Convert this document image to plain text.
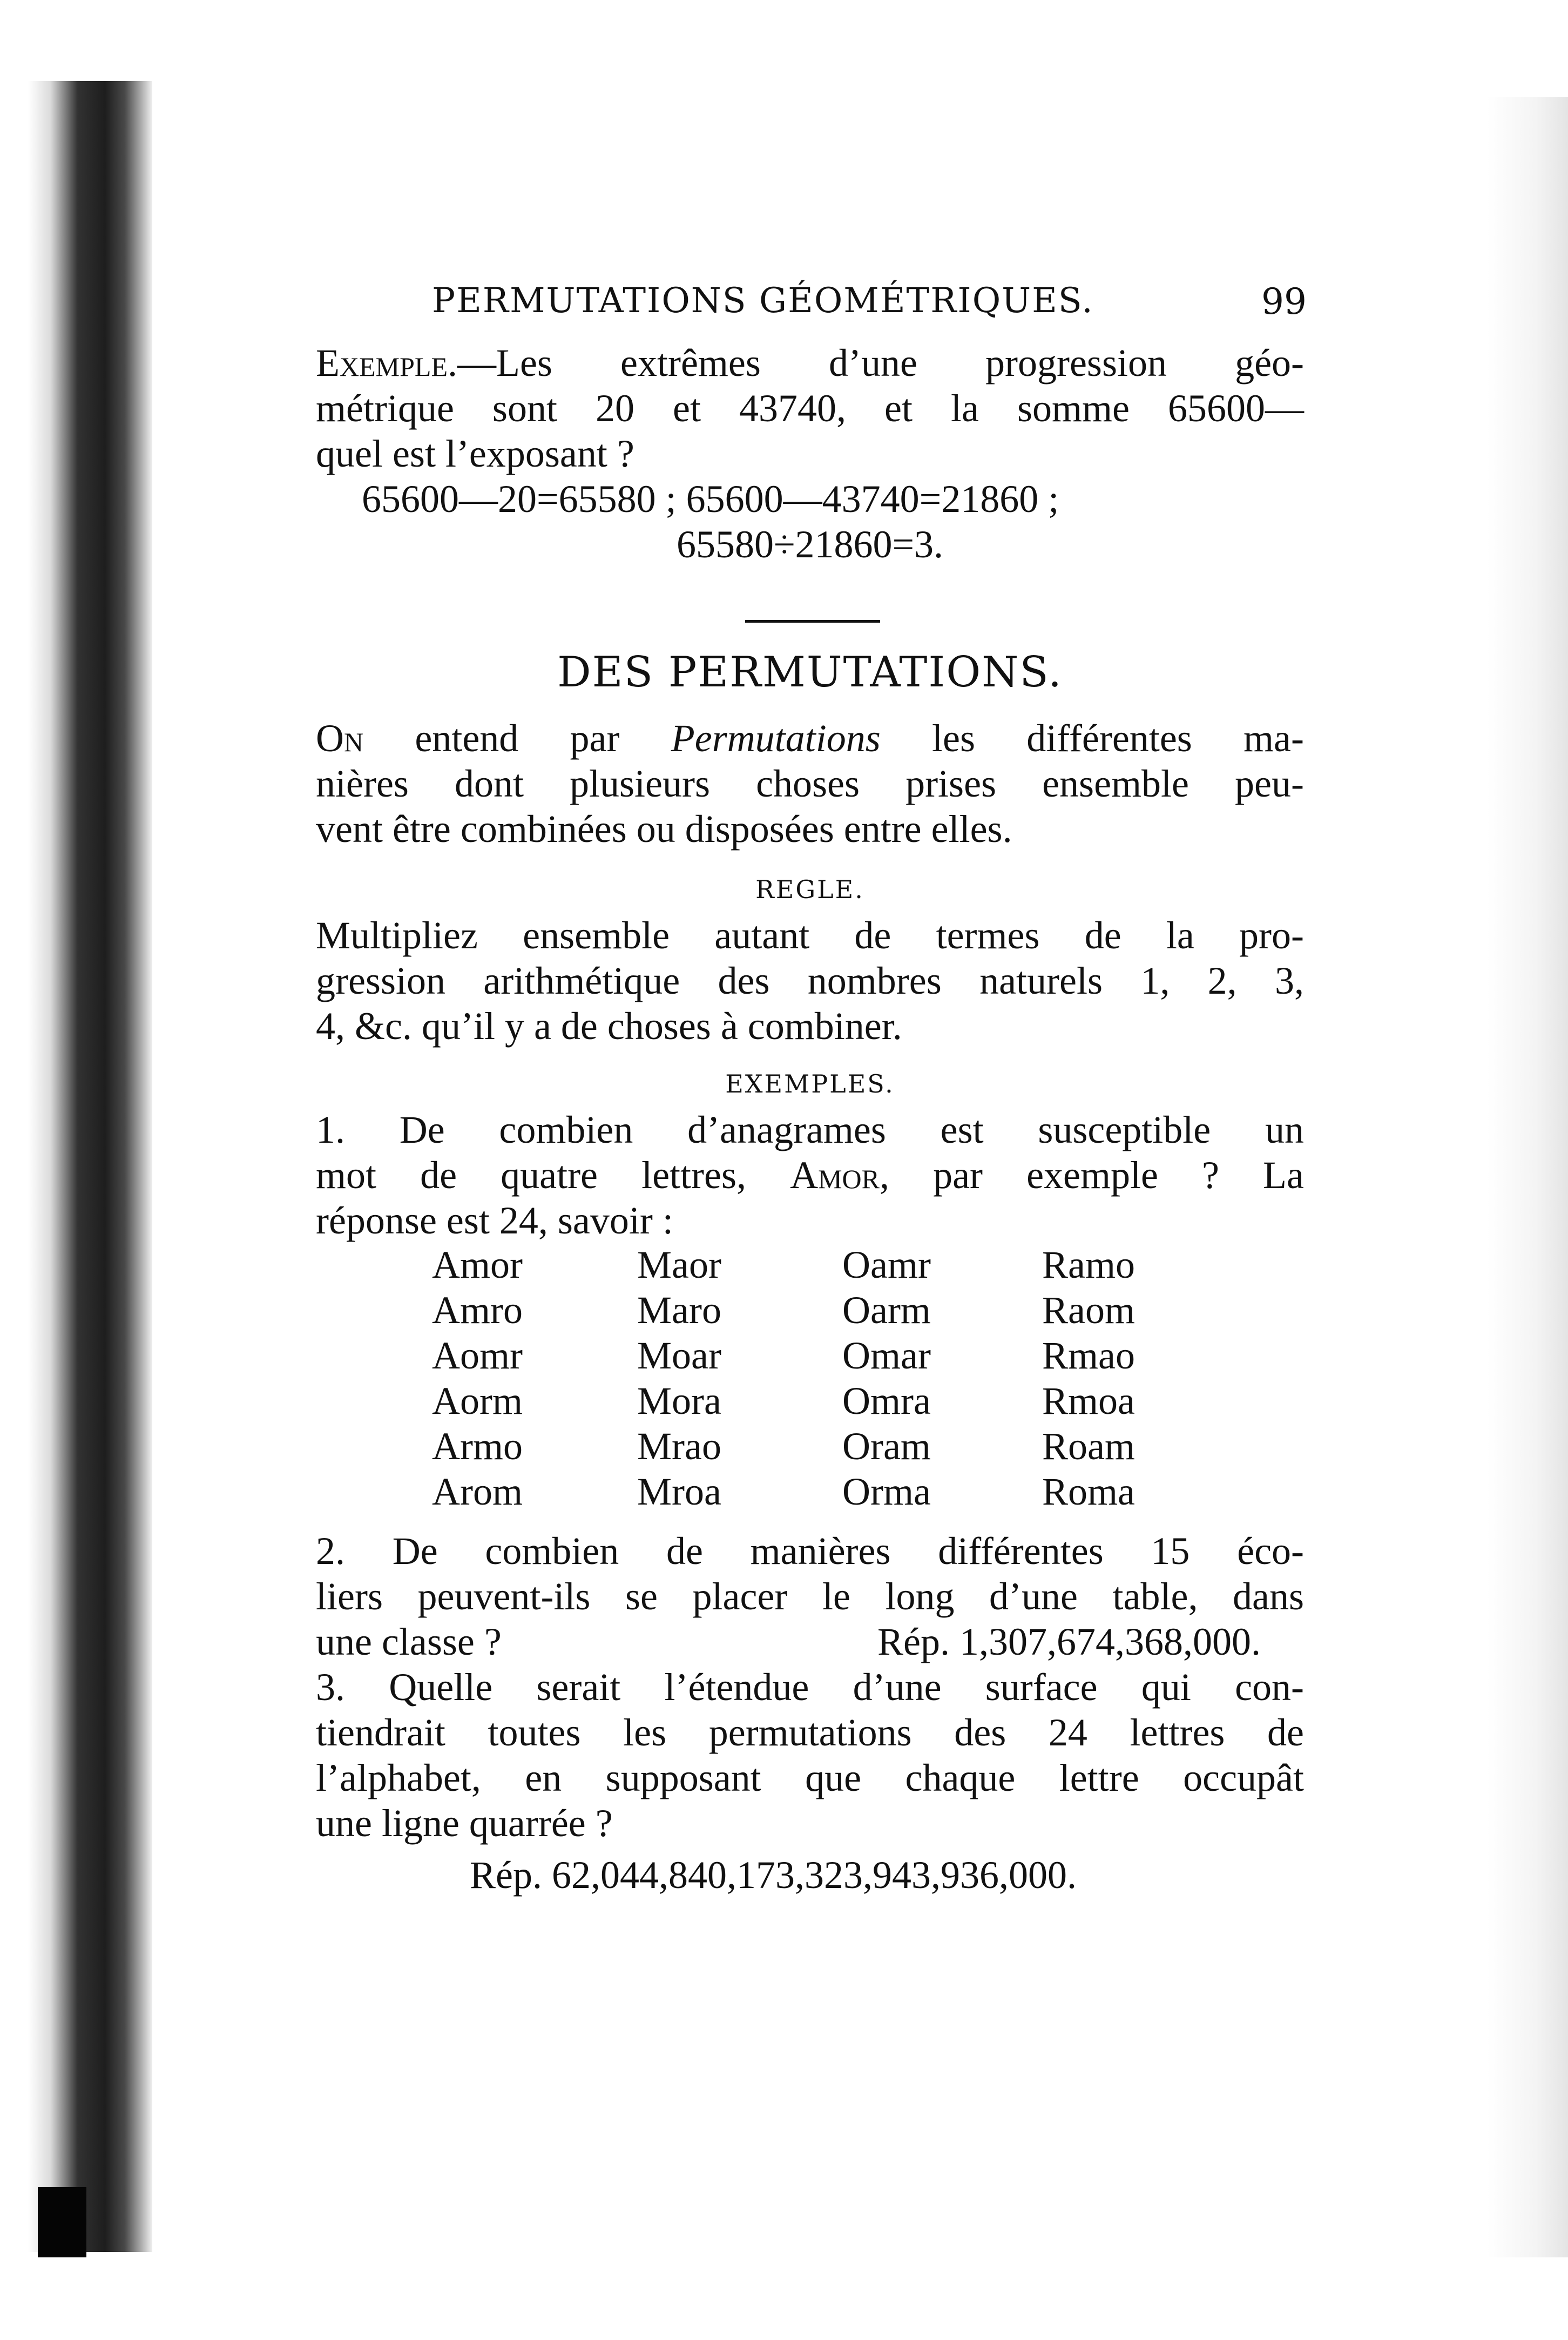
PERMUTATIONS GÉOMÉTRIQUES.	99
Exemple.—Les extrêmes d’une progression géo-
métrique sont 20 et 43740, et la somme 65600—
quel est l’exposant ?
65600—20=65580 ; 65600—43740=21860 ;
65580÷21860=3.
DES PERMUTATIONS.
On entend par Permutations les différentes ma-
nières dont plusieurs choses prises ensemble peu-
vent être combinées ou disposées entre elles.
REGLE.
Multipliez ensemble autant de termes de la pro-
gression arithmétique des nombres naturels 1, 2, 3,
4, &c. qu’il y a de choses à combiner.
EXEMPLES.
1. De combien d’anagrames est susceptible un
mot de quatre lettres, Amor, par exemple ? La
réponse est 24, savoir :
Amor
Amro
Aomr
Aorm
Armo
Arom
Maor
Maro
Moar
Mora
Mrao
Mroa
Oamr
Oarm
Omar
Omra
Oram
Orma
Ramo
Raom
Rmao
Rmoa
Roam
Roma
2. De combien de manières différentes 15 éco-
liers peuvent-ils se placer le long d’une table, dans
une classe ?	Rép. 1,307,674,368,000.
3. Quelle serait l’étendue d’une surface qui con-
tiendrait toutes les permutations des 24 lettres de
l’alphabet, en supposant que chaque lettre occupât
une ligne quarrée ?
Rép. 62,044,840,173,323,943,936,000.
